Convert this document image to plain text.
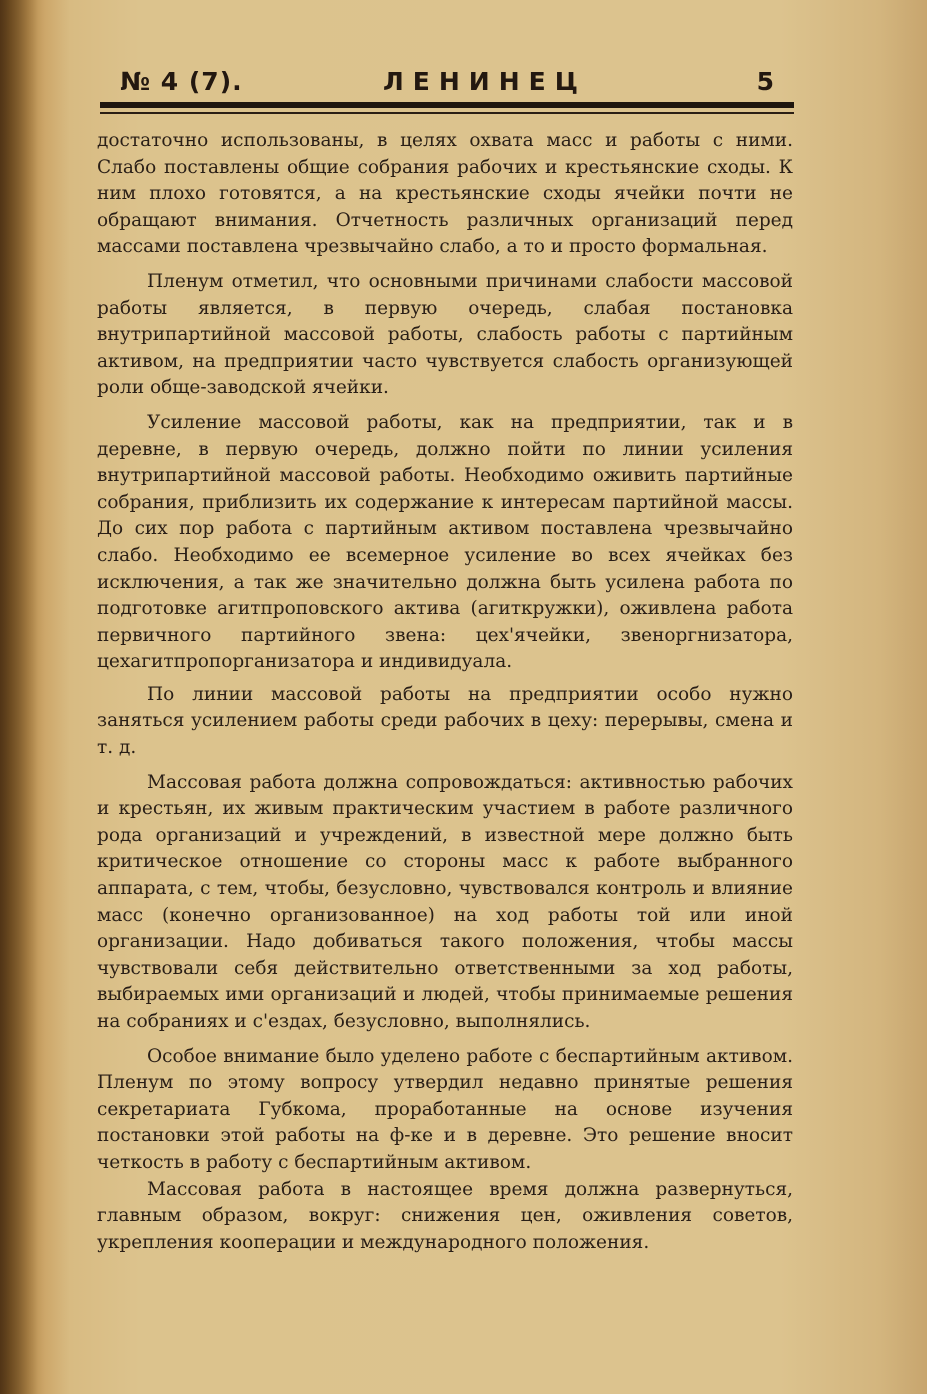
№ 4 (7).	ЛЕНИНЕЦ	5

достаточно использованы, в целях охвата масс и работы с ними. Слабо поставлены общие собрания рабочих и крестьянские сходы. К ним плохо готовятся, а на крестьянские сходы ячейки почти не обращают внимания. Отчетность различных организаций перед массами поставлена чрезвычайно слабо, а то и просто формальная.

Пленум отметил, что основными причинами слабости массовой работы является, в первую очередь, слабая постановка внутрипартийной массовой работы, слабость работы с партийным активом, на предприятии часто чувствуется слабость организующей роли обще-заводской ячейки.

Усиление массовой работы, как на предприятии, так и в деревне, в первую очередь, должно пойти по линии усиления внутрипартийной массовой работы. Необходимо оживить партийные собрания, приблизить их содержание к интересам партийной массы. До сих пор работа с партийным активом поставлена чрезвычайно слабо. Необходимо ее всемерное усиление во всех ячейках без исключения, а так же значительно должна быть усилена работа по подготовке агитпроповского актива (агиткружки), оживлена работа первичного партийного звена: цех'ячейки, звеноргнизатора, цехагитпропорганизатора и индивидуала.

По линии массовой работы на предприятии особо нужно заняться усилением работы среди рабочих в цеху: перерывы, смена и т. д.

Массовая работа должна сопровождаться: активностью рабочих и крестьян, их живым практическим участием в работе различного рода организаций и учреждений, в известной мере должно быть критическое отношение со стороны масс к работе выбранного аппарата, с тем, чтобы, безусловно, чувствовался контроль и влияние масс (конечно организованное) на ход работы той или иной организации. Надо добиваться такого положения, чтобы массы чувствовали себя действительно ответственными за ход работы, выбираемых ими организаций и людей, чтобы принимаемые решения на собраниях и с'ездах, безусловно, выполнялись.

Особое внимание было уделено работе с беспартийным активом. Пленум по этому вопросу утвердил недавно принятые решения секретариата Губкома, проработанные на основе изучения постановки этой работы на ф-ке и в деревне. Это решение вносит четкость в работу с беспартийным активом.

Массовая работа в настоящее время должна развернуться, главным образом, вокруг: снижения цен, оживления советов, укрепления кооперации и международного положения.
